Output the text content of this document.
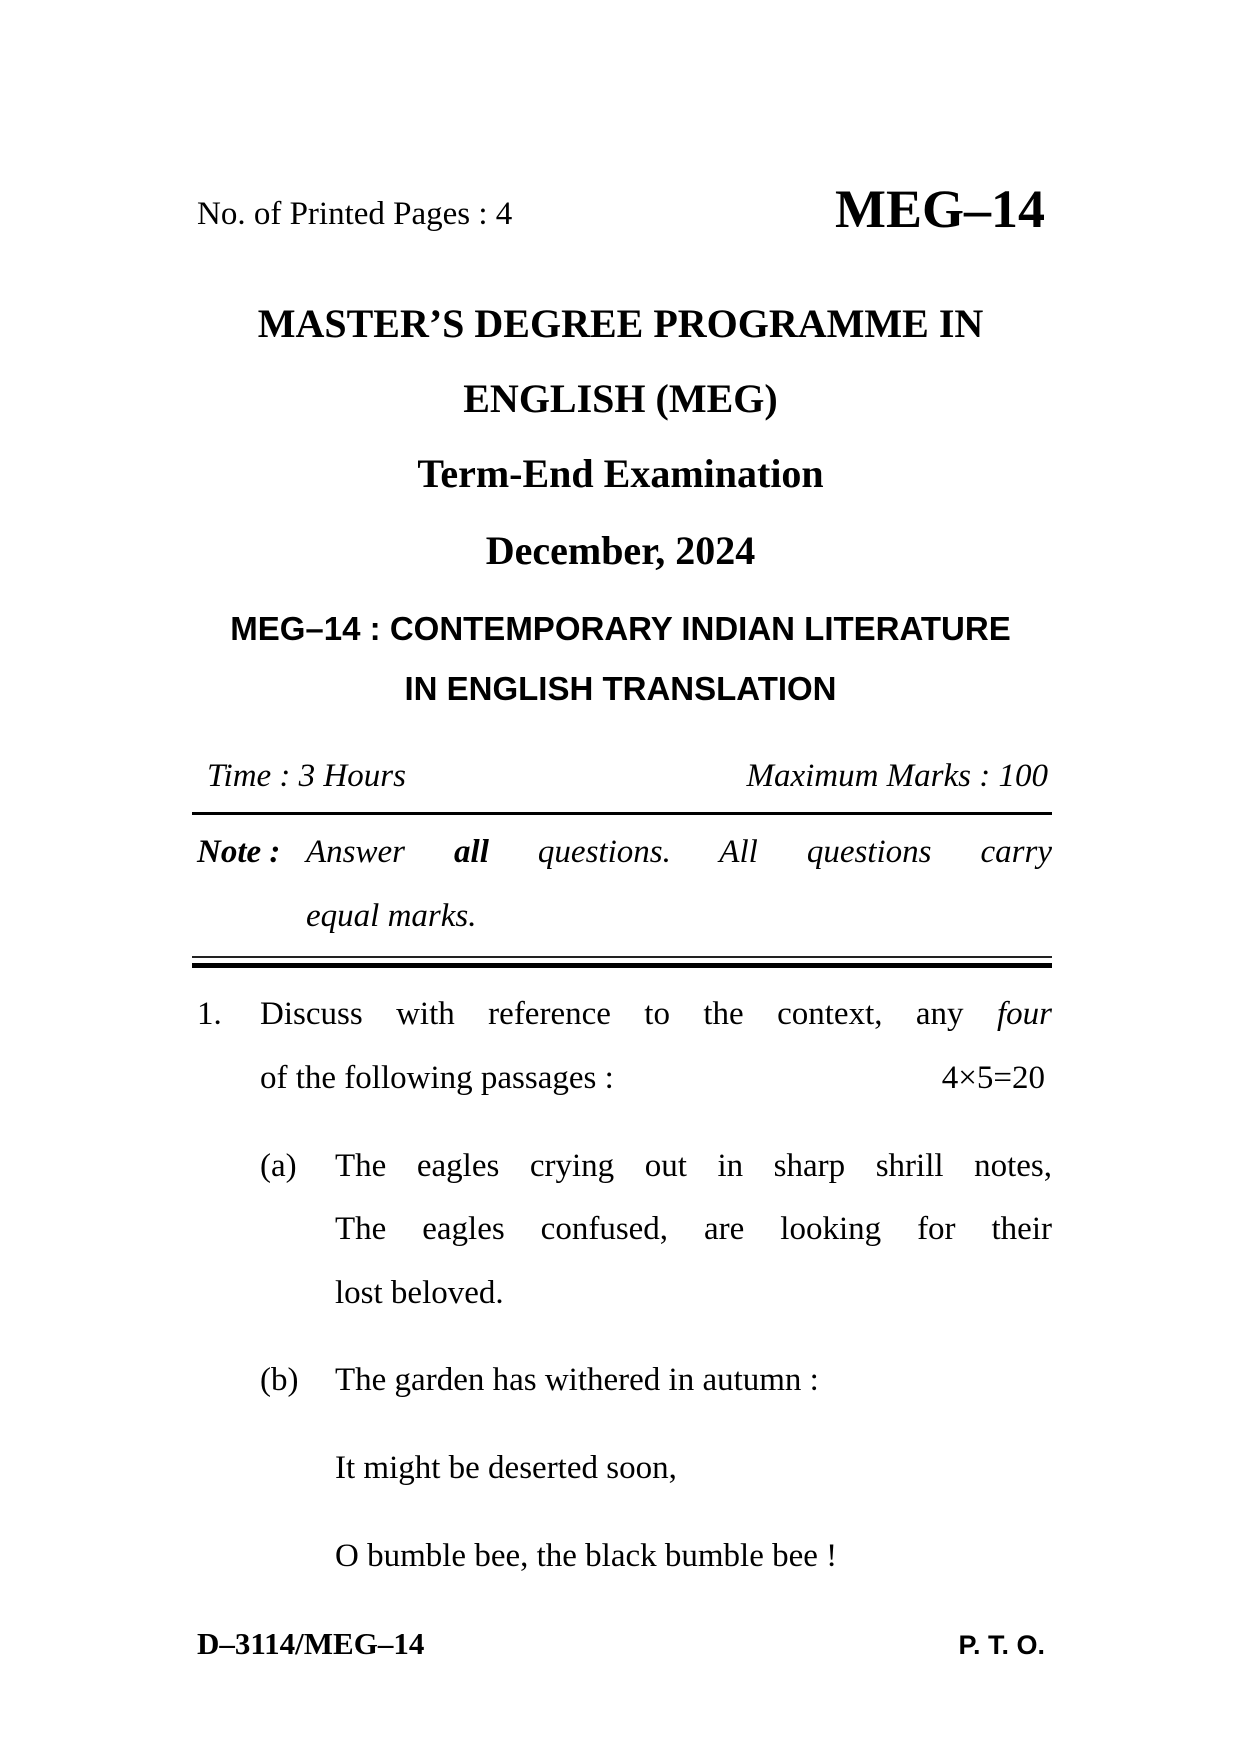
No. of Printed Pages : 4	MEG–14
MASTER’S DEGREE PROGRAMME IN
ENGLISH (MEG)
Term-End Examination
December, 2024
MEG–14 : CONTEMPORARY INDIAN LITERATURE
IN ENGLISH TRANSLATION
Time : 3 Hours	Maximum Marks : 100
Note : Answer all questions. All questions carry
equal marks.
1. Discuss with reference to the context, any four
of the following passages :	4×5=20
(a) The eagles crying out in sharp shrill notes,
The eagles confused, are looking for their
lost beloved.
(b) The garden has withered in autumn :
It might be deserted soon,
O bumble bee, the black bumble bee !
D–3114/MEG–14	P. T. O.
